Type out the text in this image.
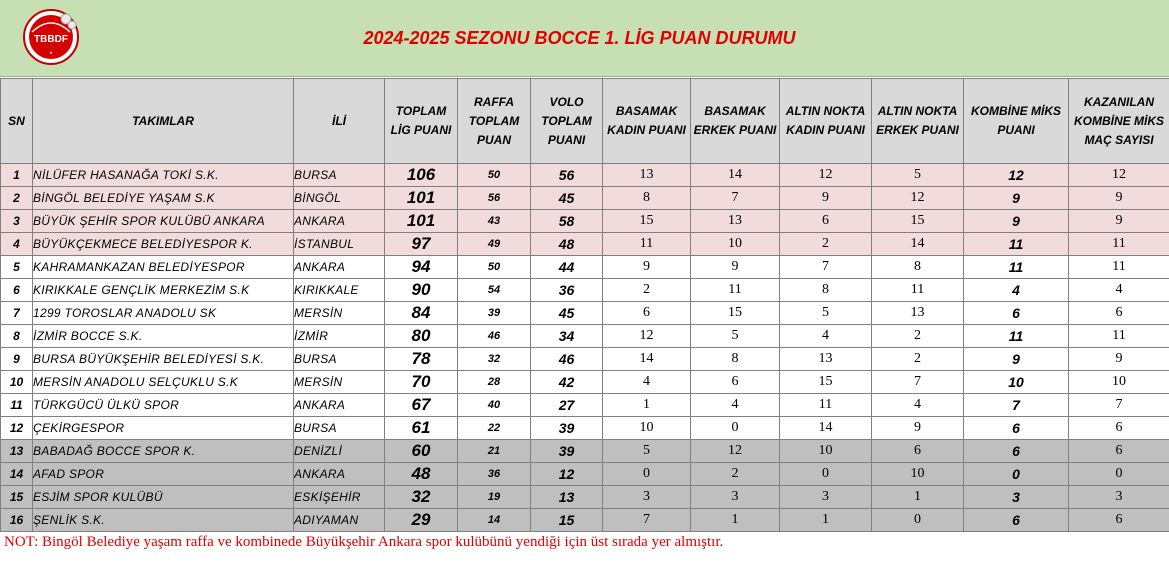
TBBDF
★
2024-2025 SEZONU BOCCE 1. LİG PUAN DURUMU
SN	TAKIMLAR	İLİ	TOPLAM LİG PUANI	RAFFA TOPLAM PUAN	VOLO TOPLAM PUANI	BASAMAK KADIN PUANI	BASAMAK ERKEK PUANI	ALTIN NOKTA KADIN PUANI	ALTIN NOKTA ERKEK PUANI	KOMBİNE MİKS PUANI	KAZANILAN KOMBİNE MİKS MAÇ SAYISI
1	NİLÜFER HASANAĞA TOKİ S.K.	BURSA	106	50	56	13	14	12	5	12	12
2	BİNGÖL BELEDİYE YAŞAM S.K	BİNGÖL	101	56	45	8	7	9	12	9	9
3	BÜYÜK ŞEHİR SPOR KULÜBÜ ANKARA	ANKARA	101	43	58	15	13	6	15	9	9
4	BÜYÜKÇEKMECE BELEDİYESPOR K.	İSTANBUL	97	49	48	11	10	2	14	11	11
5	KAHRAMANKAZAN BELEDİYESPOR	ANKARA	94	50	44	9	9	7	8	11	11
6	KIRIKKALE GENÇLİK MERKEZİM S.K	KIRIKKALE	90	54	36	2	11	8	11	4	4
7	1299 TOROSLAR ANADOLU SK	MERSİN	84	39	45	6	15	5	13	6	6
8	İZMİR BOCCE S.K.	İZMİR	80	46	34	12	5	4	2	11	11
9	BURSA BÜYÜKŞEHİR BELEDİYESİ S.K.	BURSA	78	32	46	14	8	13	2	9	9
10	MERSİN ANADOLU SELÇUKLU S.K	MERSİN	70	28	42	4	6	15	7	10	10
11	TÜRKGÜCÜ ÜLKÜ SPOR	ANKARA	67	40	27	1	4	11	4	7	7
12	ÇEKİRGESPOR	BURSA	61	22	39	10	0	14	9	6	6
13	BABADAĞ BOCCE SPOR K.	DENİZLİ	60	21	39	5	12	10	6	6	6
14	AFAD SPOR	ANKARA	48	36	12	0	2	0	10	0	0
15	ESJİM SPOR KULÜBÜ	ESKİŞEHİR	32	19	13	3	3	3	1	3	3
16	ŞENLİK S.K.	ADIYAMAN	29	14	15	7	1	1	0	6	6
NOT: Bingöl Belediye yaşam raffa ve kombinede Büyükşehir Ankara spor kulübünü yendiği için üst sırada yer almıştır.
